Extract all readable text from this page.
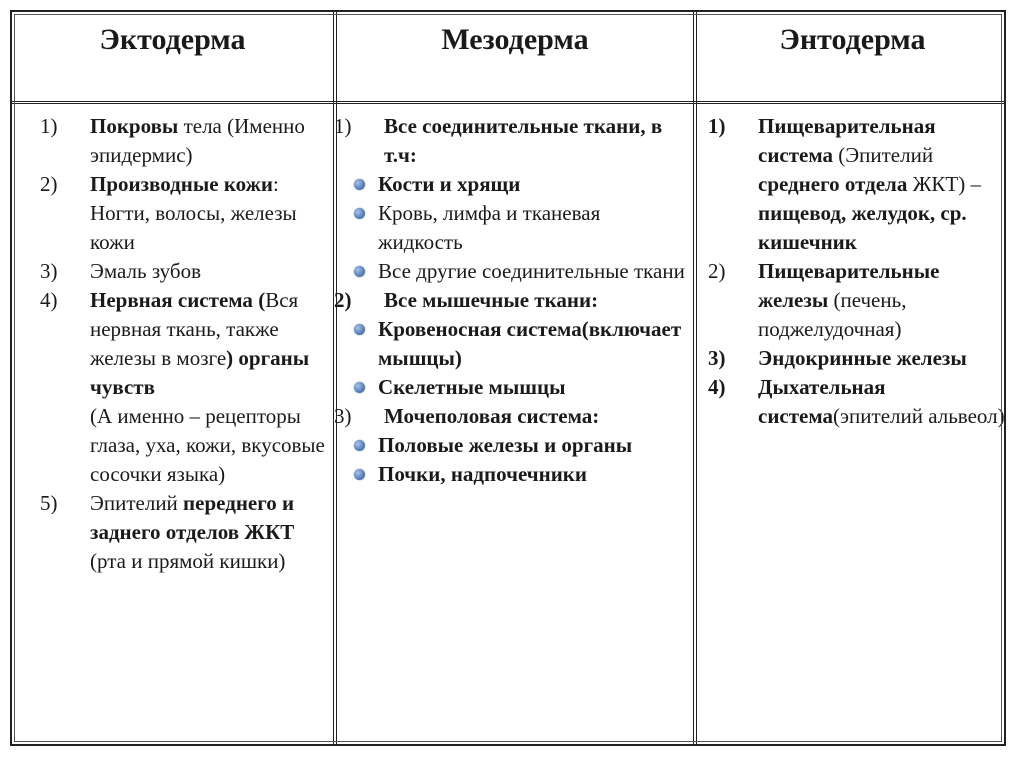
Эктодерма	Мезодерма	Энтодерма
1)	Покровы тела (Именно эпидермис)
2)	Производные кожи: Ногти, волосы, железы кожи
3)	Эмаль зубов
4)	Нервная система (Вся нервная ткань, также железы в мозге) органы чувств
(А именно – рецепторы глаза, уха, кожи, вкусовые сосочки языка)
5)	Эпителий переднего и заднего отделов ЖКТ (рта и прямой кишки)
1)	Все соединительные ткани, в т.ч:
Кости и хрящи
Кровь, лимфа и тканевая жидкость
Все другие соединительные ткани
2)	Все мышечные ткани:
Кровеносная система(включает мышцы)
Скелетные мышцы
3)	Мочеполовая система:
Половые железы и органы
Почки, надпочечники
1)	Пищеварительная система (Эпителий среднего отдела ЖКТ) – пищевод, желудок, ср. кишечник
2)	Пищеварительные железы (печень, поджелудочная)
3)	Эндокринные железы
4)	Дыхательная система(эпителий альвеол)
